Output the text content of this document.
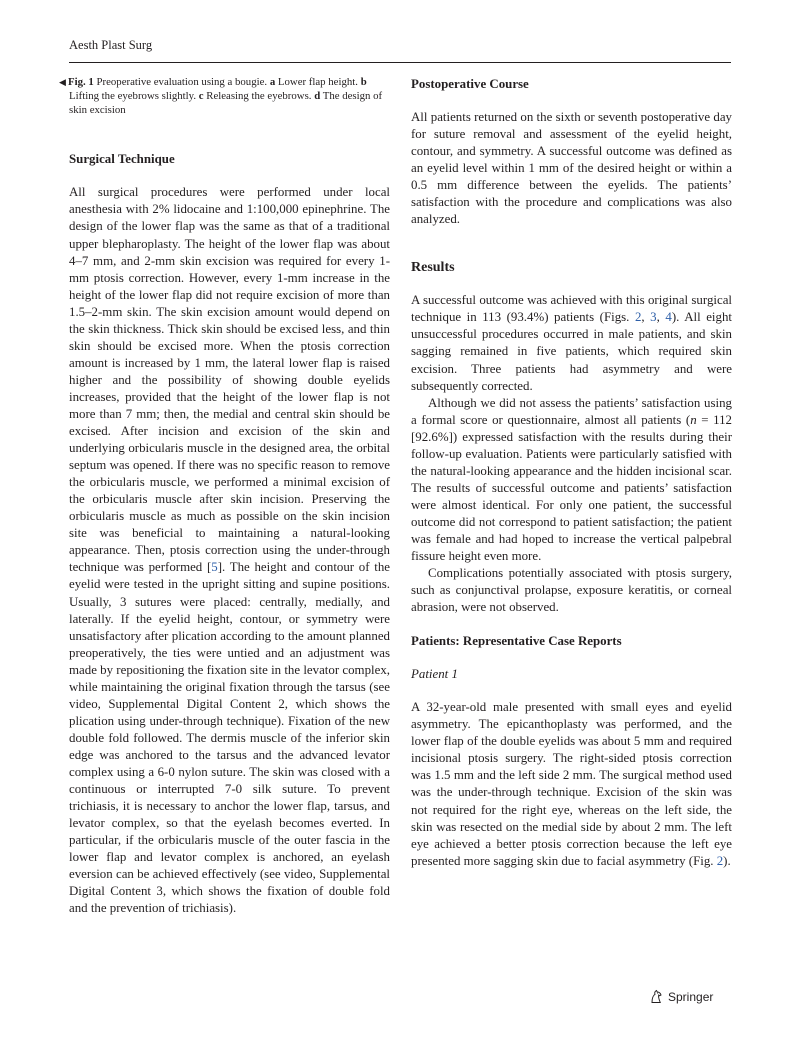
Aesth Plast Surg
◀ Fig. 1 Preoperative evaluation using a bougie. a Lower flap height. b Lifting the eyebrows slightly. c Releasing the eyebrows. d The design of skin excision
Surgical Technique

All surgical procedures were performed under local anesthesia with 2% lidocaine and 1:100,000 epinephrine. The design of the lower flap was the same as that of a traditional upper blepharoplasty. The height of the lower flap was about 4–7 mm, and 2-mm skin excision was required for every 1-mm ptosis correction. However, every 1-mm increase in the height of the lower flap did not require excision of more than 1.5–2-mm skin. The skin excision amount would depend on the skin thickness. Thick skin should be excised less, and thin skin should be excised more. When the ptosis correction amount is increased by 1 mm, the lateral lower flap is raised higher and the possibility of showing double eyelids increases, provided that the height of the lower flap is not more than 7 mm; then, the medial and central skin should be excised. After incision and excision of the skin and underlying orbicularis muscle in the designed area, the orbital septum was opened. If there was no specific reason to remove the orbicularis muscle, we performed a minimal excision of the orbicularis muscle after skin incision. Preserving the orbicularis muscle as much as possible on the skin incision site was beneficial to maintaining a natural-looking appearance. Then, ptosis correction using the under-through technique was performed [5]. The height and contour of the eyelid were tested in the upright sitting and supine positions. Usually, 3 sutures were placed: centrally, medially, and laterally. If the eyelid height, contour, or symmetry were unsatisfactory after plication according to the amount planned preoperatively, the ties were untied and an adjustment was made by repositioning the fixation site in the levator complex, while maintaining the original fixation through the tarsus (see video, Supplemental Digital Content 2, which shows the plication using under-through technique). Fixation of the new double fold followed. The dermis muscle of the inferior skin edge was anchored to the tarsus and the advanced levator complex using a 6-0 nylon suture. The skin was closed with a continuous or interrupted 7-0 silk suture. To prevent trichiasis, it is necessary to anchor the lower flap, tarsus, and levator complex, so that the eyelash becomes everted. In particular, if the orbicularis muscle of the outer fascia in the lower flap and levator complex is anchored, an eyelash eversion can be achieved effectively (see video, Supplemental Digital Content 3, which shows the fixation of double fold and the prevention of trichiasis).

Postoperative Course

All patients returned on the sixth or seventh postoperative day for suture removal and assessment of the eyelid height, contour, and symmetry. A successful outcome was defined as an eyelid level within 1 mm of the desired height or within a 0.5 mm difference between the eyelids. The patients’ satisfaction with the procedure and complications was also analyzed.

Results

A successful outcome was achieved with this original surgical technique in 113 (93.4%) patients (Figs. 2, 3, 4). All eight unsuccessful procedures occurred in male patients, and skin sagging remained in five patients, which required skin excision. Three patients had asymmetry and were subsequently corrected.

Although we did not assess the patients’ satisfaction using a formal score or questionnaire, almost all patients (n = 112 [92.6%]) expressed satisfaction with the results during their follow-up evaluation. Patients were particularly satisfied with the natural-looking appearance and the hidden incisional scar. The results of successful outcome and patients’ satisfaction were almost identical. For only one patient, the successful outcome did not correspond to patient satisfaction; the patient was female and had hoped to increase the vertical palpebral fissure height even more.

Complications potentially associated with ptosis surgery, such as conjunctival prolapse, exposure keratitis, or corneal abrasion, were not observed.

Patients: Representative Case Reports
Patient 1

A 32-year-old male presented with small eyes and eyelid asymmetry. The epicanthoplasty was performed, and the lower flap of the double eyelids was about 5 mm and required incisional ptosis surgery. The right-sided ptosis correction was 1.5 mm and the left side 2 mm. The surgical method used was the under-through technique. Excision of the skin was not required for the right eye, whereas on the left side, the skin was resected on the medial side by about 2 mm. The left eye achieved a better ptosis correction because the left eye presented more sagging skin due to facial asymmetry (Fig. 2).

Springer
